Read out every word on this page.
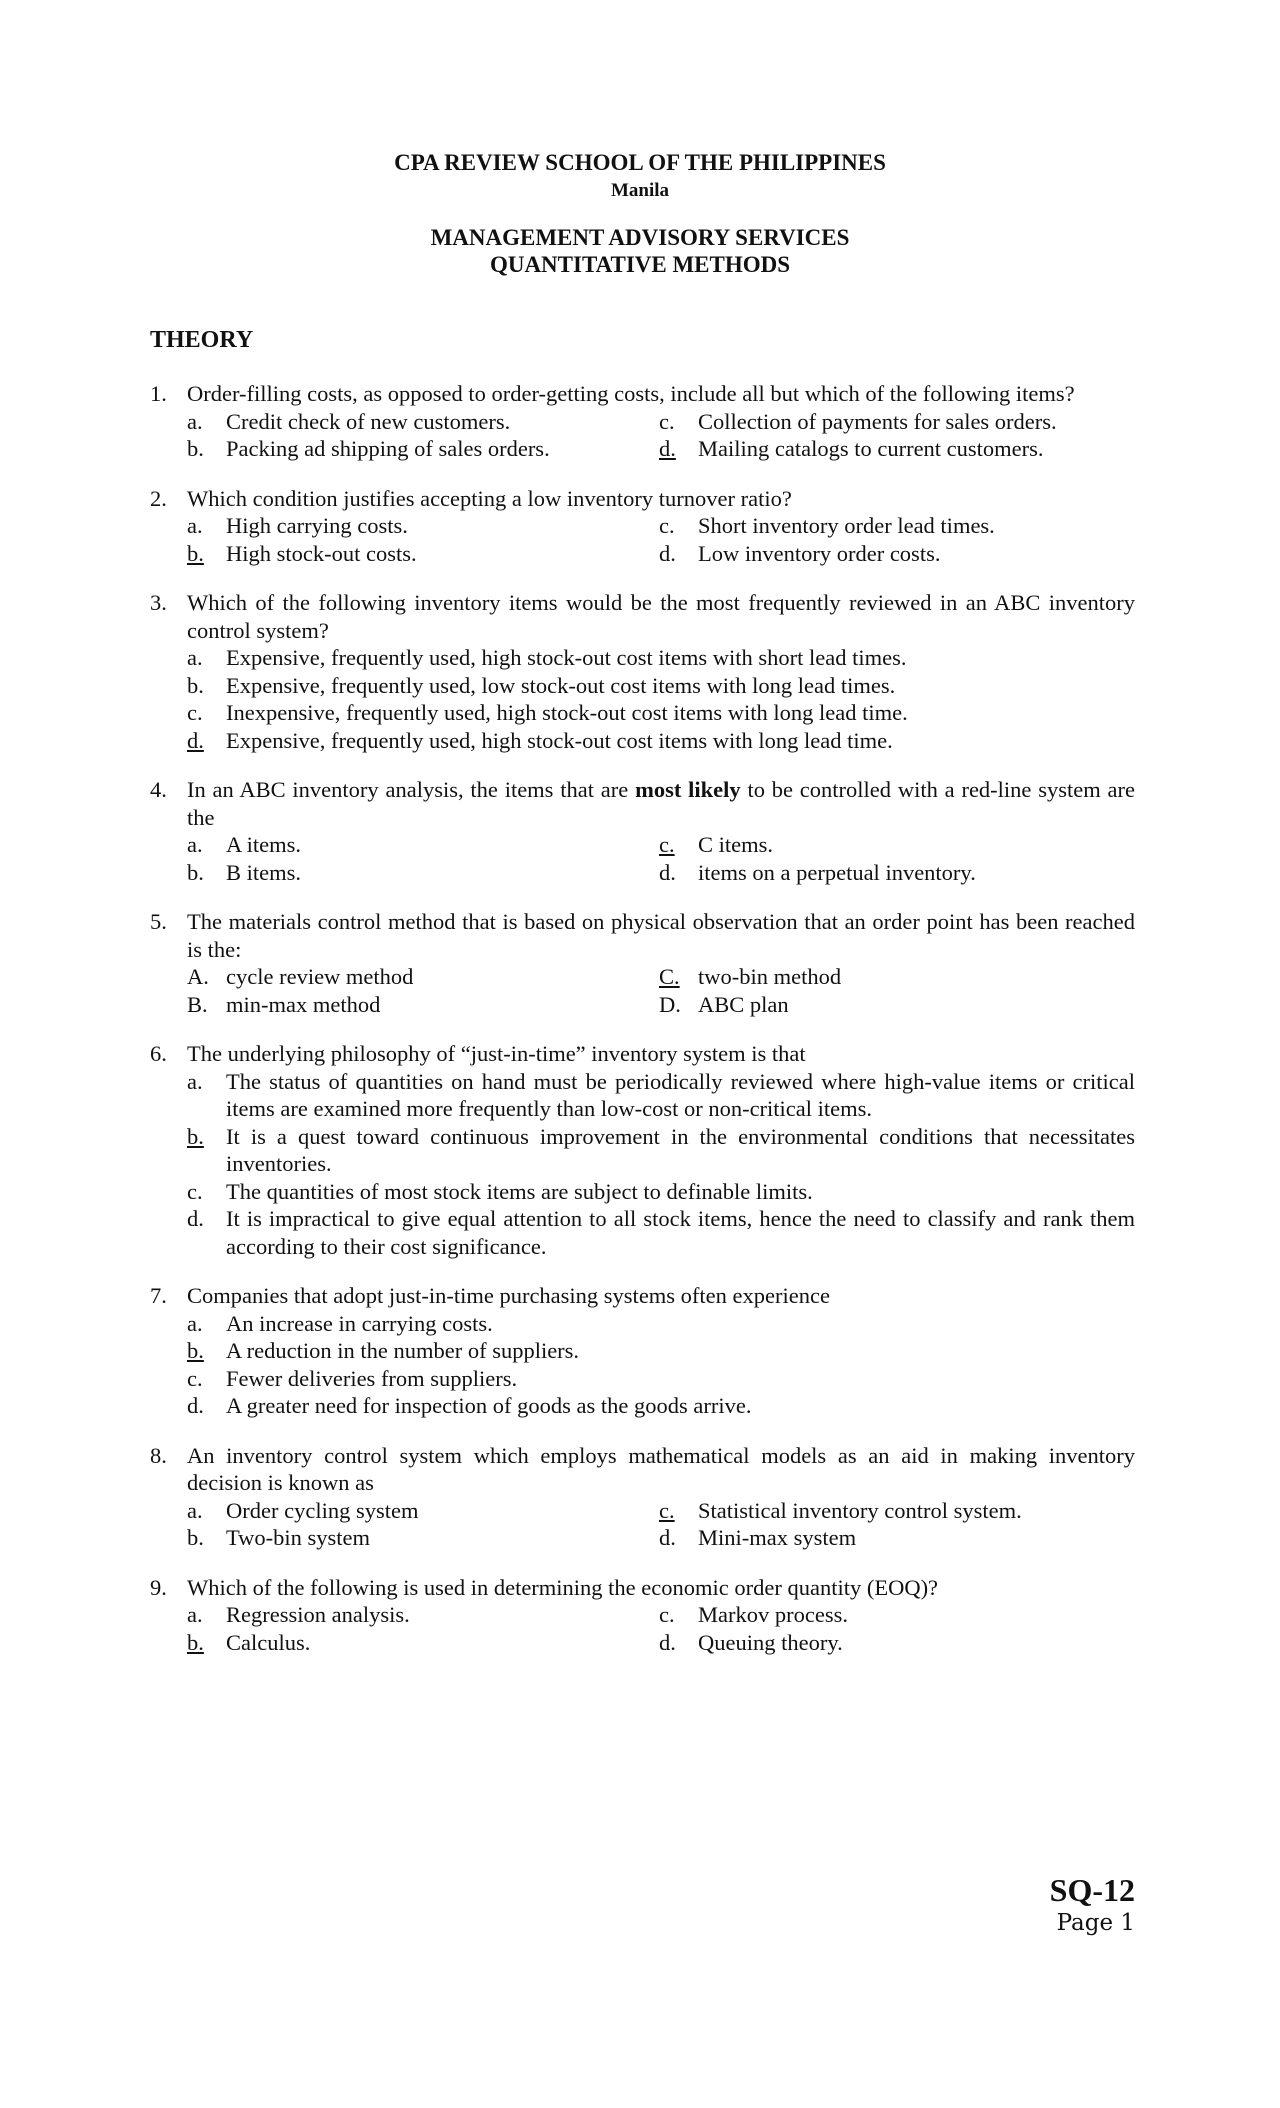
CPA REVIEW SCHOOL OF THE PHILIPPINES
Manila
MANAGEMENT ADVISORY SERVICES
QUANTITATIVE METHODS
THEORY
1. Order-filling costs, as opposed to order-getting costs, include all but which of the following items?
a.	Credit check of new customers.	c.	Collection of payments for sales orders.
b. Packing ad shipping of sales orders.	d. Mailing catalogs to current customers.
2. Which condition justifies accepting a low inventory turnover ratio?
a.	High carrying costs.	c.	Short inventory order lead times.
b. High stock-out costs.	d. Low inventory order costs.
3. Which of the following inventory items would be the most frequently reviewed in an ABC inventory control system?
a.	Expensive, frequently used, high stock-out cost items with short lead times.
b. Expensive, frequently used, low stock-out cost items with long lead times.
c.	Inexpensive, frequently used, high stock-out cost items with long lead time.
d. Expensive, frequently used, high stock-out cost items with long lead time.
4. In an ABC inventory analysis, the items that are most likely to be controlled with a red-line system are the
a.	A items.	c.	C items.
b. B items.	d. items on a perpetual inventory.
5. The materials control method that is based on physical observation that an order point has been reached is the:
A. cycle review method	C. two-bin method
B. min-max method	D. ABC plan
6. The underlying philosophy of “just-in-time” inventory system is that
a.	The status of quantities on hand must be periodically reviewed where high-value items or critical items are examined more frequently than low-cost or non-critical items.
b. It is a quest toward continuous improvement in the environmental conditions that necessitates inventories.
c.	The quantities of most stock items are subject to definable limits.
d. It is impractical to give equal attention to all stock items, hence the need to classify and rank them according to their cost significance.
7. Companies that adopt just-in-time purchasing systems often experience
a.	An increase in carrying costs.
b. A reduction in the number of suppliers.
c.	Fewer deliveries from suppliers.
d. A greater need for inspection of goods as the goods arrive.
8. An inventory control system which employs mathematical models as an aid in making inventory decision is known as
a.	Order cycling system	c.	Statistical inventory control system.
b. Two-bin system	d. Mini-max system
9. Which of the following is used in determining the economic order quantity (EOQ)?
a.	Regression analysis.	c.	Markov process.
b. Calculus.	d. Queuing theory.
SQ-12
Page 1
